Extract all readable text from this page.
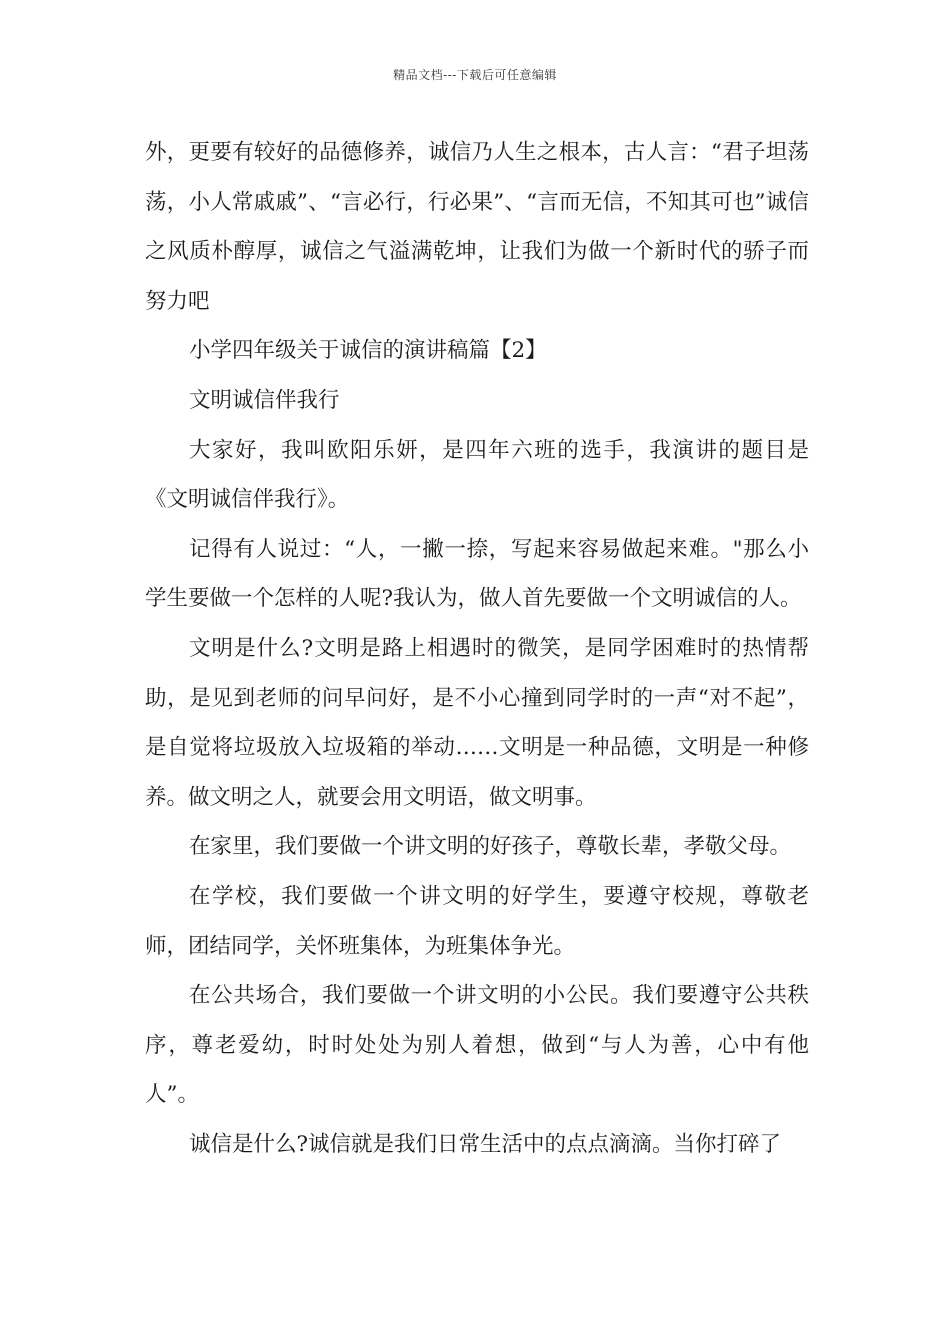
精品文档---下载后可任意编辑

外，更要有较好的品德修养，诚信乃人生之根本，古人言：“君子坦荡荡，小人常戚戚”、“言必行，行必果”、“言而无信，不知其可也”诚信之风质朴醇厚，诚信之气溢满乾坤，让我们为做一个新时代的骄子而努力吧

小学四年级关于诚信的演讲稿篇【2】

文明诚信伴我行

大家好，我叫欧阳乐妍，是四年六班的选手，我演讲的题目是《文明诚信伴我行》。

记得有人说过：“人，一撇一捺，写起来容易做起来难。"那么小学生要做一个怎样的人呢?我认为，做人首先要做一个文明诚信的人。

文明是什么?文明是路上相遇时的微笑，是同学困难时的热情帮助，是见到老师的问早问好，是不小心撞到同学时的一声“对不起”，是自觉将垃圾放入垃圾箱的举动……文明是一种品德，文明是一种修养。做文明之人，就要会用文明语，做文明事。

在家里，我们要做一个讲文明的好孩子，尊敬长辈，孝敬父母。

在学校，我们要做一个讲文明的好学生，要遵守校规，尊敬老师，团结同学，关怀班集体，为班集体争光。

在公共场合，我们要做一个讲文明的小公民。我们要遵守公共秩序，尊老爱幼，时时处处为别人着想，做到“与人为善，心中有他人”。

诚信是什么?诚信就是我们日常生活中的点点滴滴。当你打碎了
